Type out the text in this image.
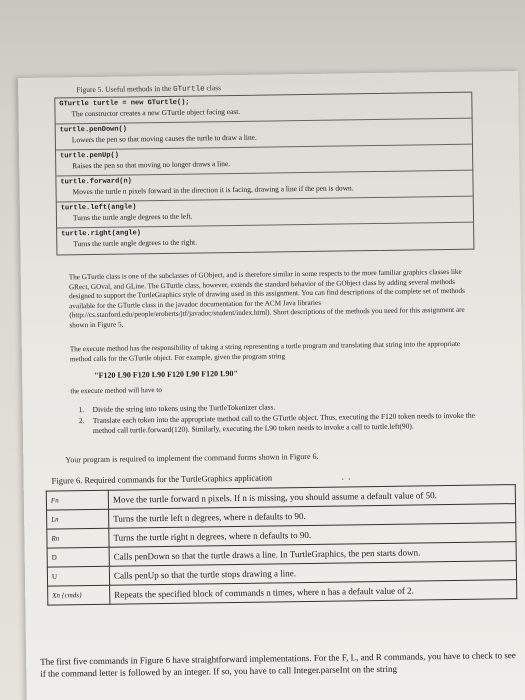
Figure 5. Useful methods in the GTurtle class
GTurtle turtle = new GTurtle();
The constructor creates a new GTurtle object facing east.
turtle.penDown()
Lowers the pen so that moving causes the turtle to draw a line.
turtle.penUp()
Raises the pen so that moving no longer draws a line.
turtle.forward(n)
Moves the turtle n pixels forward in the direction it is facing, drawing a line if the pen is down.
turtle.left(angle)
Turns the turtle angle degrees to the left.
turtle.right(angle)
Turns the turtle angle degrees to the right.

The GTurtle class is one of the subclasses of GObject, and is therefore similar in some respects to the more familiar graphics classes like GRect, GOval, and GLine. The GTurtle class, however, extends the standard behavior of the GObject class by adding several methods designed to support the TurtleGraphics style of drawing used in this assignment. You can find descriptions of the complete set of methods available for the GTurtle class in the javadoc documentation for the ACM Java libraries (http://cs.stanford.edu/people/eroberts/jtf/javadoc/student/index.html). Short descriptions of the methods you need for this assignment are shown in Figure 5.

The execute method has the responsibility of taking a string representing a turtle program and translating that string into the appropriate method calls for the GTurtle object. For example, given the program string

"F120 L90 F120 L90 F120 L90 F120 L90"

the execute method will have to

1.	Divide the string into tokens using the TurtleTokenizer class.
2.	Translate each token into the appropriate method call to the GTurtle object. Thus, executing the F120 token needs to invoke the method call turtle.forward(120). Similarly, executing the L90 token needs to invoke a call to turtle.left(90).

Your program is required to implement the command forms shown in Figure 6.

Figure 6. Required commands for the TurtleGraphics application	. .
Fn	Move the turtle forward n pixels. If n is missing, you should assume a default value of 50.
Ln	Turns the turtle left n degrees, where n defaults to 90.
Rn	Turns the turtle right n degrees, where n defaults to 90.
D	Calls penDown so that the turtle draws a line. In TurtleGraphics, the pen starts down.
U	Calls penUp so that the turtle stops drawing a line.
Xn {cmds}	Repeats the specified block of commands n times, where n has a default value of 2.

The first five commands in Figure 6 have straightforward implementations. For the F, L, and R commands, you have to check to see if the command letter is followed by an integer. If so, you have to call Integer.parseInt on the string
